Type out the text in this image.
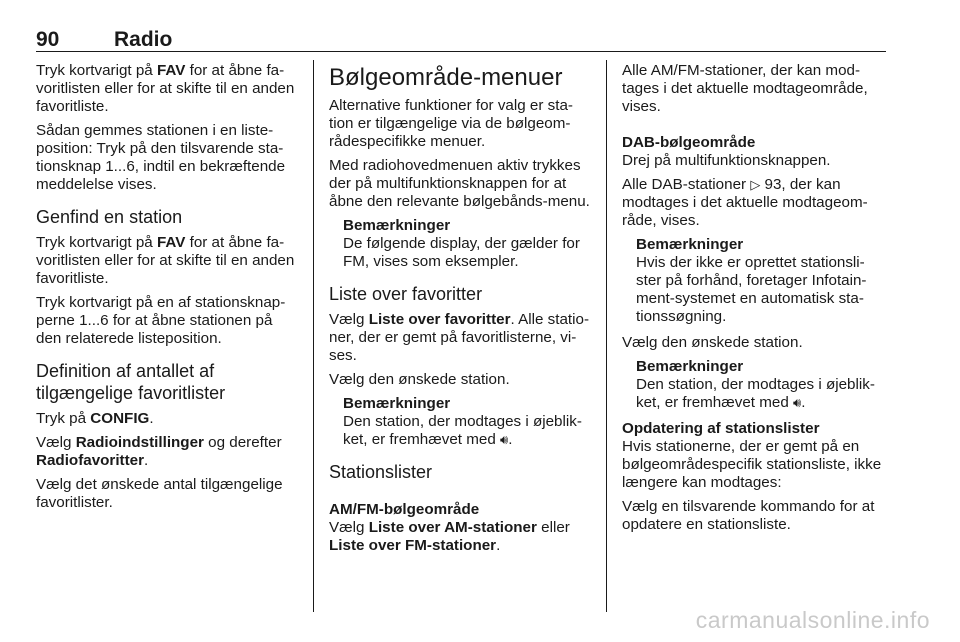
90	Radio

Tryk kortvarigt på FAV for at åbne fa-voritlisten eller for at skifte til en anden favoritliste.

Sådan gemmes stationen i en liste-position: Tryk på den tilsvarende sta-tionsknap 1...6, indtil en bekræftende meddelelse vises.

Genfind en station

Tryk kortvarigt på FAV for at åbne fa-voritlisten eller for at skifte til en anden favoritliste.

Tryk kortvarigt på en af stationsknap-perne 1...6 for at åbne stationen på den relaterede listeposition.

Definition af antallet af tilgængelige favoritlister

Tryk på CONFIG.

Vælg Radioindstillinger og derefter Radiofavoritter.

Vælg det ønskede antal tilgængelige favoritlister.

Bølgeområde-menuer

Alternative funktioner for valg er sta-tion er tilgængelige via de bølgeom-rådespecifikke menuer.

Med radiohovedmenuen aktiv trykkes der på multifunktionsknappen for at åbne den relevante bølgebånds-menu.

Bemærkninger
De følgende display, der gælder for FM, vises som eksempler.
Liste over favoritter

Vælg Liste over favoritter. Alle statio-ner, der er gemt på favoritlisterne, vi-ses.

Vælg den ønskede station.

Bemærkninger
Den station, der modtages i øjeblik-ket, er fremhævet med 🔊︎.
Stationslister
AM/FM-bølgeområde

Vælg Liste over AM-stationer eller Liste over FM-stationer.

Alle AM/FM-stationer, der kan mod-tages i det aktuelle modtageområde, vises.

DAB-bølgeområde

Drej på multifunktionsknappen.

Alle DAB-stationer ▷ 93, der kan modtages i det aktuelle modtageom-råde, vises.

Bemærkninger
Hvis der ikke er oprettet stationsli-ster på forhånd, foretager Infotain-ment-systemet en automatisk sta-tionssøgning.

Vælg den ønskede station.

Bemærkninger
Den station, der modtages i øjeblik-ket, er fremhævet med 🔊︎.
Opdatering af stationslister

Hvis stationerne, der er gemt på en bølgeområdespecifik stationsliste, ikke længere kan modtages:

Vælg en tilsvarende kommando for at opdatere en stationsliste.

carmanualsonline.info
